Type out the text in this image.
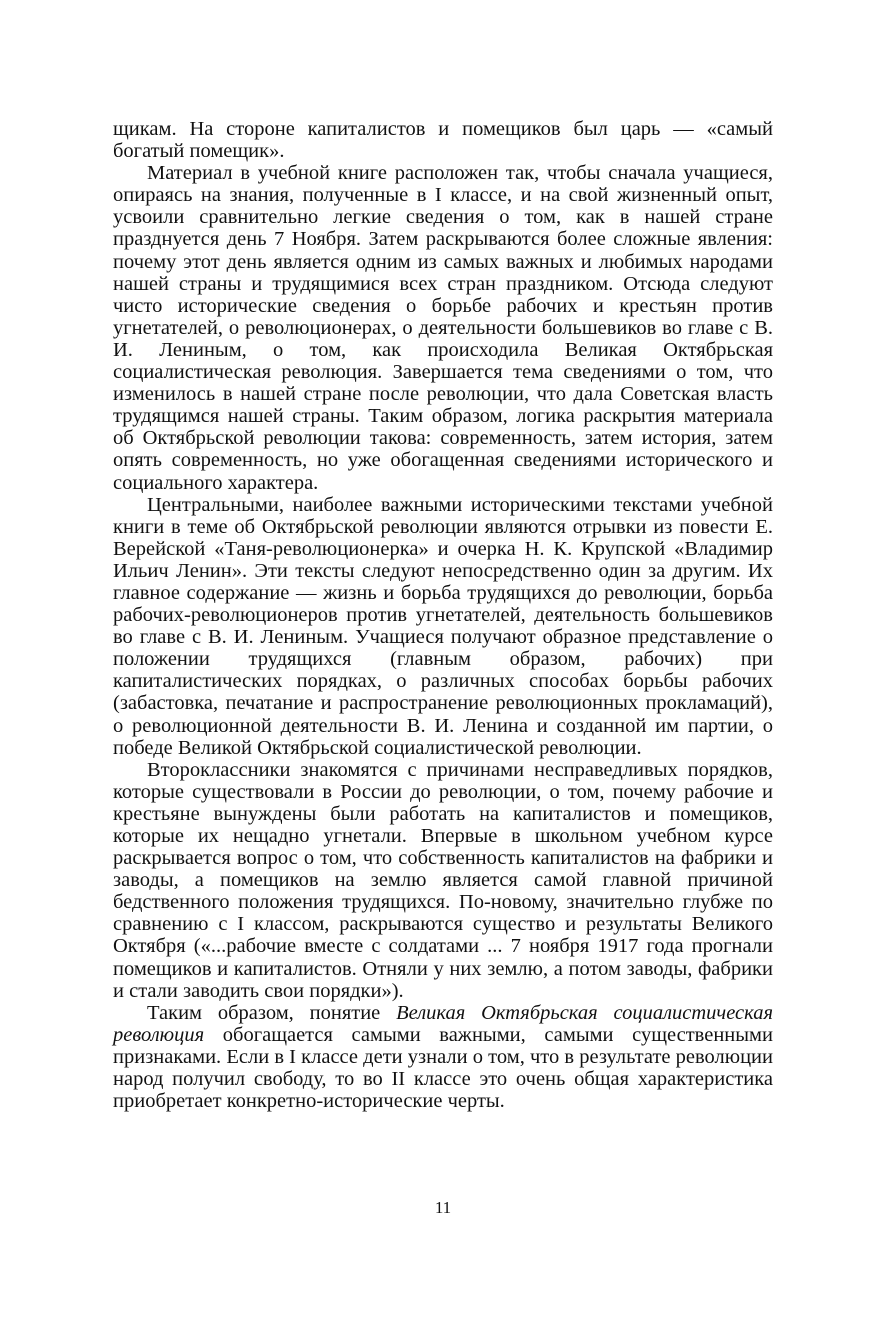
щикам. На стороне капиталистов и помещиков был царь — «самый богатый помещик».

Материал в учебной книге расположен так, чтобы сначала учащиеся, опираясь на знания, полученные в I классе, и на свой жизненный опыт, усвоили сравнительно легкие сведения о том, как в нашей стране празднуется день 7 Ноября. Затем раскрываются более сложные явления: почему этот день является одним из самых важных и любимых народами нашей страны и трудящимися всех стран праздником. Отсюда следуют чисто исторические сведения о борьбе рабочих и крестьян против угнетателей, о революционерах, о деятельности большевиков во главе с В. И. Лениным, о том, как происходила Великая Октябрьская социалистическая революция. Завершается тема сведениями о том, что изменилось в нашей стране после революции, что дала Советская власть трудящимся нашей страны. Таким образом, логика раскрытия материала об Октябрьской революции такова: современность, затем история, затем опять современность, но уже обогащенная сведениями исторического и социального характера.

Центральными, наиболее важными историческими текстами учебной книги в теме об Октябрьской революции являются отрывки из повести Е. Верейской «Таня-революционерка» и очерка Н. К. Крупской «Владимир Ильич Ленин». Эти тексты следуют непосредственно один за другим. Их главное содержание — жизнь и борьба трудящихся до революции, борьба рабочих-революционеров против угнетателей, деятельность большевиков во главе с В. И. Лениным. Учащиеся получают образное представление о положении трудящихся (главным образом, рабочих) при капиталистических порядках, о различных способах борьбы рабочих (забастовка, печатание и распространение революционных прокламаций), о революционной деятельности В. И. Ленина и созданной им партии, о победе Великой Октябрьской социалистической революции.

Второклассники знакомятся с причинами несправедливых порядков, которые существовали в России до революции, о том, почему рабочие и крестьяне вынуждены были работать на капиталистов и помещиков, которые их нещадно угнетали. Впервые в школьном учебном курсе раскрывается вопрос о том, что собственность капиталистов на фабрики и заводы, а помещиков на землю является самой главной причиной бедственного положения трудящихся. По-новому, значительно глубже по сравнению с I классом, раскрываются существо и результаты Великого Октября («...рабочие вместе с солдатами ... 7 ноября 1917 года прогнали помещиков и капиталистов. Отняли у них землю, а потом заводы, фабрики и стали заводить свои порядки»).

Таким образом, понятие Великая Октябрьская социалистическая революция обогащается самыми важными, самыми существенными признаками. Если в I классе дети узнали о том, что в результате революции народ получил свободу, то во II классе это очень общая характеристика приобретает конкретно-исторические черты.

11
